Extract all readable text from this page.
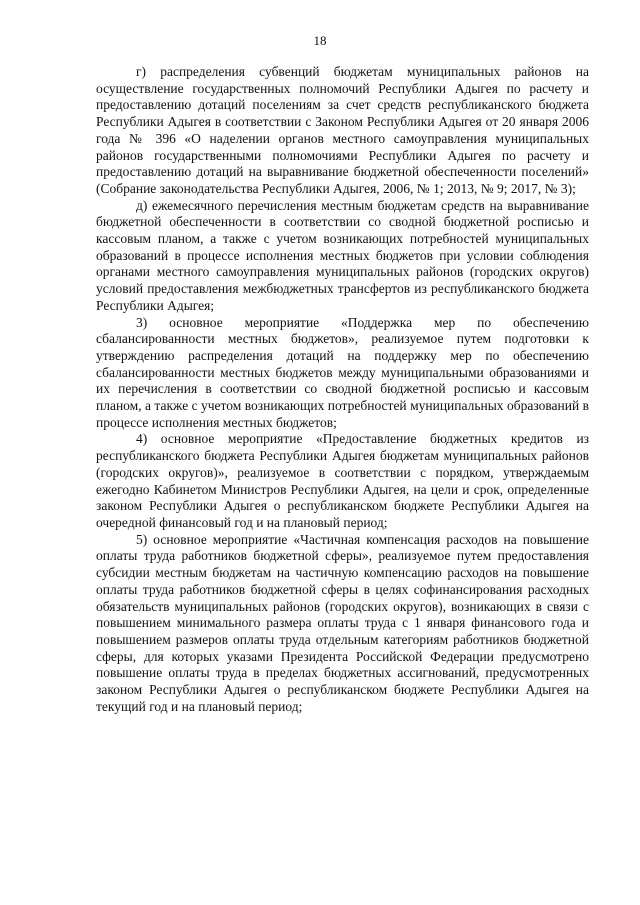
18

г) распределения субвенций бюджетам муниципальных районов на осуществление государственных полномочий Республики Адыгея по расчету и предоставлению дотаций поселениям за счет средств республиканского бюджета Республики Адыгея в соответствии с Законом Республики Адыгея от 20 января 2006 года № 396 «О наделении органов местного самоуправления муниципальных районов государственными полномочиями Республики Адыгея по расчету и предоставлению дотаций на выравнивание бюджетной обеспеченности поселений» (Собрание законодательства Республики Адыгея, 2006, № 1; 2013, № 9; 2017, № 3);

д) ежемесячного перечисления местным бюджетам средств на выравнивание бюджетной обеспеченности в соответствии со сводной бюджетной росписью и кассовым планом, а также с учетом возникающих потребностей муниципальных образований в процессе исполнения местных бюджетов при условии соблюдения органами местного самоуправления муниципальных районов (городских округов) условий предоставления межбюджетных трансфертов из республиканского бюджета Республики Адыгея;

3) основное мероприятие «Поддержка мер по обеспечению сбалансированности местных бюджетов», реализуемое путем подготовки к утверждению распределения дотаций на поддержку мер по обеспечению сбалансированности местных бюджетов между муниципальными образованиями и их перечисления в соответствии со сводной бюджетной росписью и кассовым планом, а также с учетом возникающих потребностей муниципальных образований в процессе исполнения местных бюджетов;

4) основное мероприятие «Предоставление бюджетных кредитов из республиканского бюджета Республики Адыгея бюджетам муниципальных районов (городских округов)», реализуемое в соответствии с порядком, утверждаемым ежегодно Кабинетом Министров Республики Адыгея, на цели и срок, определенные законом Республики Адыгея о республиканском бюджете Республики Адыгея на очередной финансовый год и на плановый период;

5) основное мероприятие «Частичная компенсация расходов на повышение оплаты труда работников бюджетной сферы», реализуемое путем предоставления субсидии местным бюджетам на частичную компенсацию расходов на повышение оплаты труда работников бюджетной сферы в целях софинансирования расходных обязательств муниципальных районов (городских округов), возникающих в связи с повышением минимального размера оплаты труда с 1 января финансового года и повышением размеров оплаты труда отдельным категориям работников бюджетной сферы, для которых указами Президента Российской Федерации предусмотрено повышение оплаты труда в пределах бюджетных ассигнований, предусмотренных законом Республики Адыгея о республиканском бюджете Республики Адыгея на текущий год и на плановый период;
